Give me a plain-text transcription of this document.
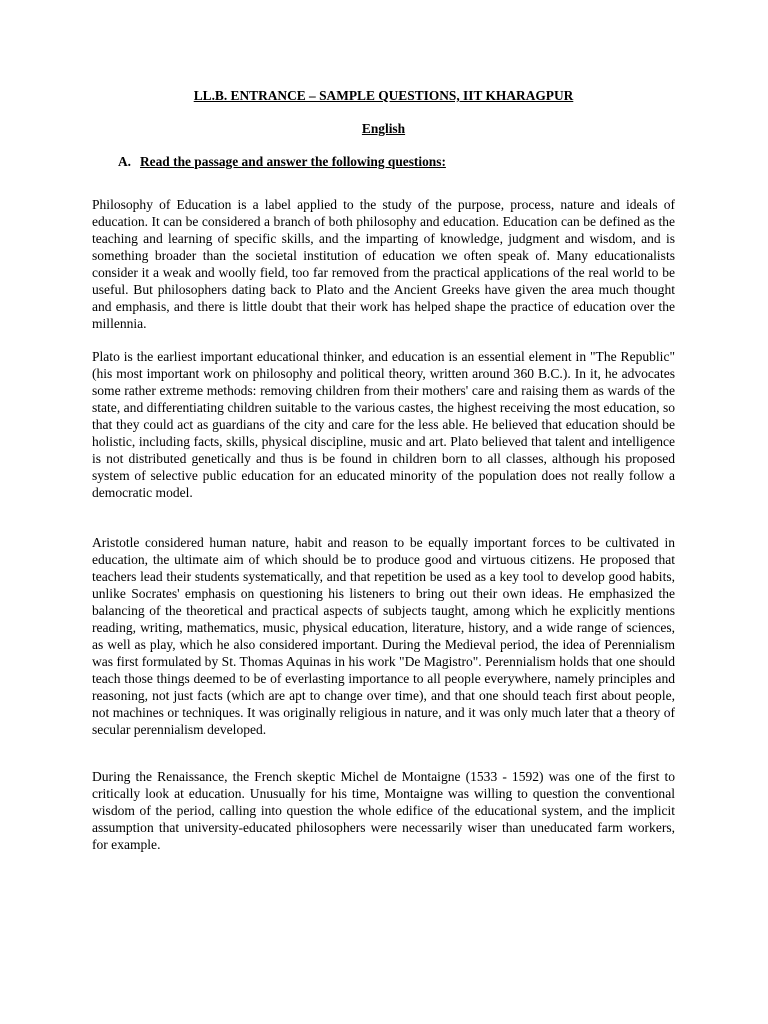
LL.B. ENTRANCE – SAMPLE QUESTIONS, IIT KHARAGPUR
English

A. Read the passage and answer the following questions:

Philosophy of Education is a label applied to the study of the purpose, process, nature and ideals of education. It can be considered a branch of both philosophy and education. Education can be defined as the teaching and learning of specific skills, and the imparting of knowledge, judgment and wisdom, and is something broader than the societal institution of education we often speak of. Many educationalists consider it a weak and woolly field, too far removed from the practical applications of the real world to be useful. But philosophers dating back to Plato and the Ancient Greeks have given the area much thought and emphasis, and there is little doubt that their work has helped shape the practice of education over the millennia.

Plato is the earliest important educational thinker, and education is an essential element in "The Republic" (his most important work on philosophy and political theory, written around 360 B.C.). In it, he advocates some rather extreme methods: removing children from their mothers' care and raising them as wards of the state, and differentiating children suitable to the various castes, the highest receiving the most education, so that they could act as guardians of the city and care for the less able. He believed that education should be holistic, including facts, skills, physical discipline, music and art. Plato believed that talent and intelligence is not distributed genetically and thus is be found in children born to all classes, although his proposed system of selective public education for an educated minority of the population does not really follow a democratic model.

Aristotle considered human nature, habit and reason to be equally important forces to be cultivated in education, the ultimate aim of which should be to produce good and virtuous citizens. He proposed that teachers lead their students systematically, and that repetition be used as a key tool to develop good habits, unlike Socrates' emphasis on questioning his listeners to bring out their own ideas. He emphasized the balancing of the theoretical and practical aspects of subjects taught, among which he explicitly mentions reading, writing, mathematics, music, physical education, literature, history, and a wide range of sciences, as well as play, which he also considered important. During the Medieval period, the idea of Perennialism was first formulated by St. Thomas Aquinas in his work "De Magistro". Perennialism holds that one should teach those things deemed to be of everlasting importance to all people everywhere, namely principles and reasoning, not just facts (which are apt to change over time), and that one should teach first about people, not machines or techniques. It was originally religious in nature, and it was only much later that a theory of secular perennialism developed.

During the Renaissance, the French skeptic Michel de Montaigne (1533 - 1592) was one of the first to critically look at education. Unusually for his time, Montaigne was willing to question the conventional wisdom of the period, calling into question the whole edifice of the educational system, and the implicit assumption that university-educated philosophers were necessarily wiser than uneducated farm workers, for example.
